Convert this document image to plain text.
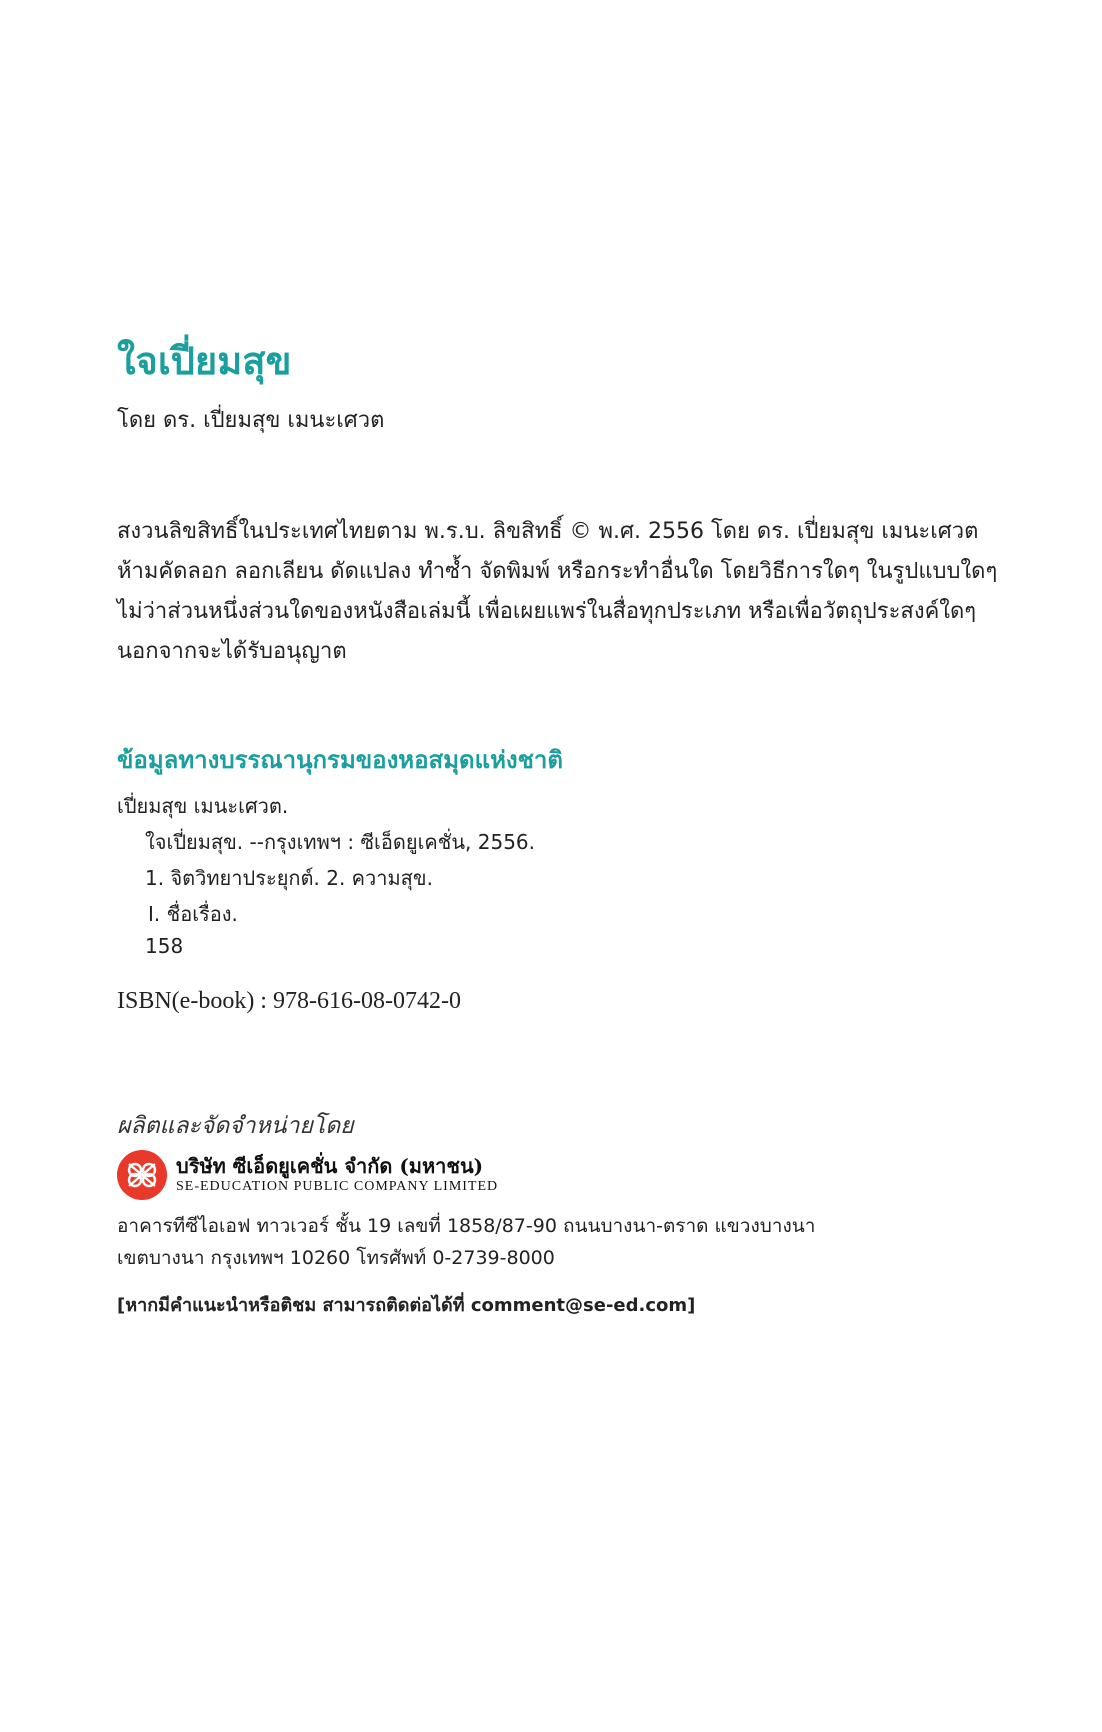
ใจเปี่ยมสุข
โดย ดร. เปี่ยมสุข เมนะเศวต
สงวนลิขสิทธิ์ในประเทศไทยตาม พ.ร.บ. ลิขสิทธิ์ © พ.ศ. 2556 โดย ดร. เปี่ยมสุข เมนะเศวต
ห้ามคัดลอก ลอกเลียน ดัดแปลง ทำซ้ำ จัดพิมพ์ หรือกระทำอื่นใด โดยวิธีการใดๆ ในรูปแบบใดๆ
ไม่ว่าส่วนหนึ่งส่วนใดของหนังสือเล่มนี้ เพื่อเผยแพร่ในสื่อทุกประเภท หรือเพื่อวัตถุประสงค์ใดๆ
นอกจากจะได้รับอนุญาต
ข้อมูลทางบรรณานุกรมของหอสมุดแห่งชาติ
เปี่ยมสุข เมนะเศวต.
ใจเปี่ยมสุข. --กรุงเทพฯ : ซีเอ็ดยูเคชั่น, 2556.
1. จิตวิทยาประยุกต์. 2. ความสุข.
I. ชื่อเรื่อง.
158
ISBN(e-book) : 978-616-08-0742-0
ผลิตและจัดจำหน่ายโดย
บริษัท ซีเอ็ดยูเคชั่น จำกัด (มหาชน)
SE-EDUCATION PUBLIC COMPANY LIMITED
อาคารทีซีไอเอฟ ทาวเวอร์ ชั้น 19 เลขที่ 1858/87-90 ถนนบางนา-ตราด แขวงบางนา
เขตบางนา กรุงเทพฯ 10260 โทรศัพท์ 0-2739-8000
[หากมีคำแนะนำหรือติชม สามารถติดต่อได้ที่ comment@se-ed.com]
